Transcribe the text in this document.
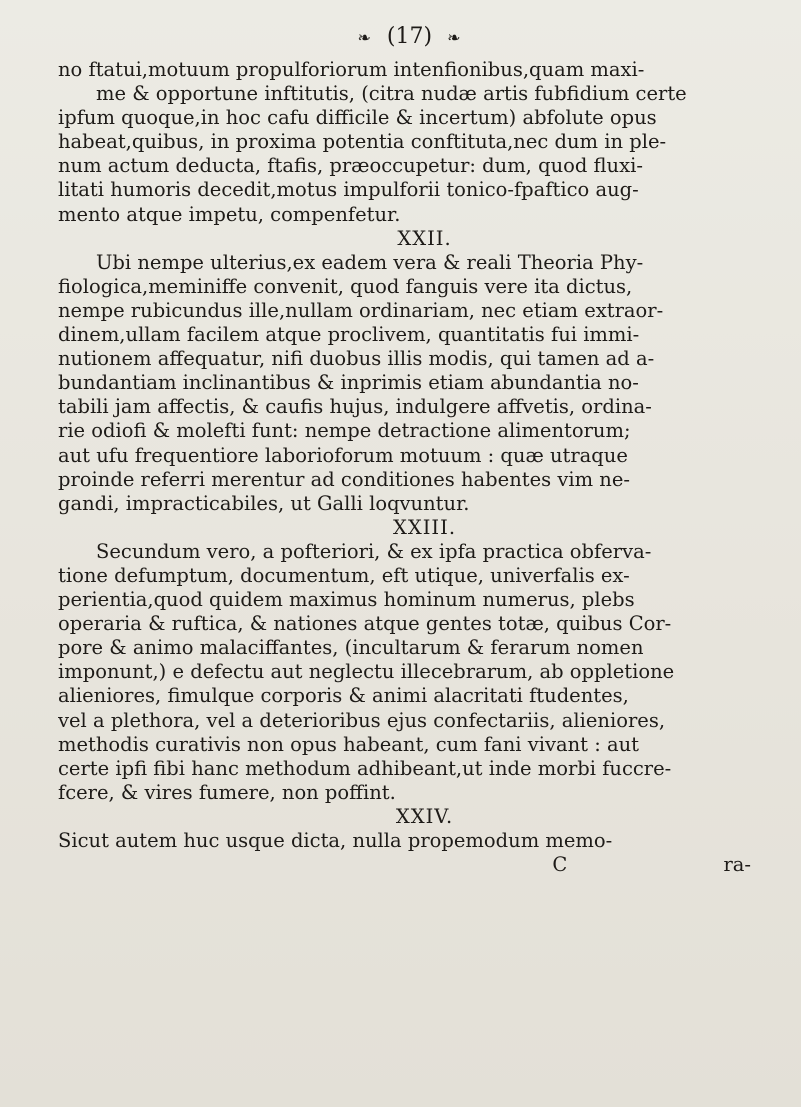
❧ (17) ❧
no ftatui,motuum propulforiorum intenfionibus,quam maxi-
me & opportune inftitutis, (citra nudæ artis fubfidium certe
ipfum quoque,in hoc cafu difficile & incertum) abfolute opus
habeat,quibus, in proxima potentia conftituta,nec dum in ple-
num actum deducta, ftafis, præoccupetur: dum, quod fluxi-
litati humoris decedit,motus impulforii tonico-fpaftico aug-
mento atque impetu, compenfetur.
XXII.
Ubi nempe ulterius,ex eadem vera & reali Theoria Phy-
fiologica,meminiffe convenit, quod fanguis vere ita dictus,
nempe rubicundus ille,nullam ordinariam, nec etiam extraor-
dinem,ullam facilem atque proclivem, quantitatis fui immi-
nutionem affequatur, nifi duobus illis modis, qui tamen ad a-
bundantiam inclinantibus & inprimis etiam abundantia no-
tabili jam affectis, & caufis hujus, indulgere affvetis, ordina-
rie odiofi & molefti funt: nempe detractione alimentorum;
aut ufu frequentiore laborioforum motuum : quæ utraque
proinde referri merentur ad conditiones habentes vim ne-
gandi, impracticabiles, ut Galli loqvuntur.
XXIII.
Secundum vero, a pofteriori, & ex ipfa practica obferva-
tione defumptum, documentum, eft utique, univerfalis ex-
perientia,quod quidem maximus hominum numerus, plebs
operaria & ruftica, & nationes atque gentes totæ, quibus Cor-
pore & animo malaciffantes, (incultarum & ferarum nomen
imponunt,) e defectu aut neglectu illecebrarum, ab oppletione
alieniores, fimulque corporis & animi alacritati ftudentes,
vel a plethora, vel a deterioribus ejus confectariis, alieniores,
methodis curativis non opus habeant, cum fani vivant : aut
certe ipfi fibi hanc methodum adhibeant,ut inde morbi fuccre-
fcere, & vires fumere, non poffint.
XXIV.
Sicut autem huc usque dicta, nulla propemodum memo-
C	ra-
